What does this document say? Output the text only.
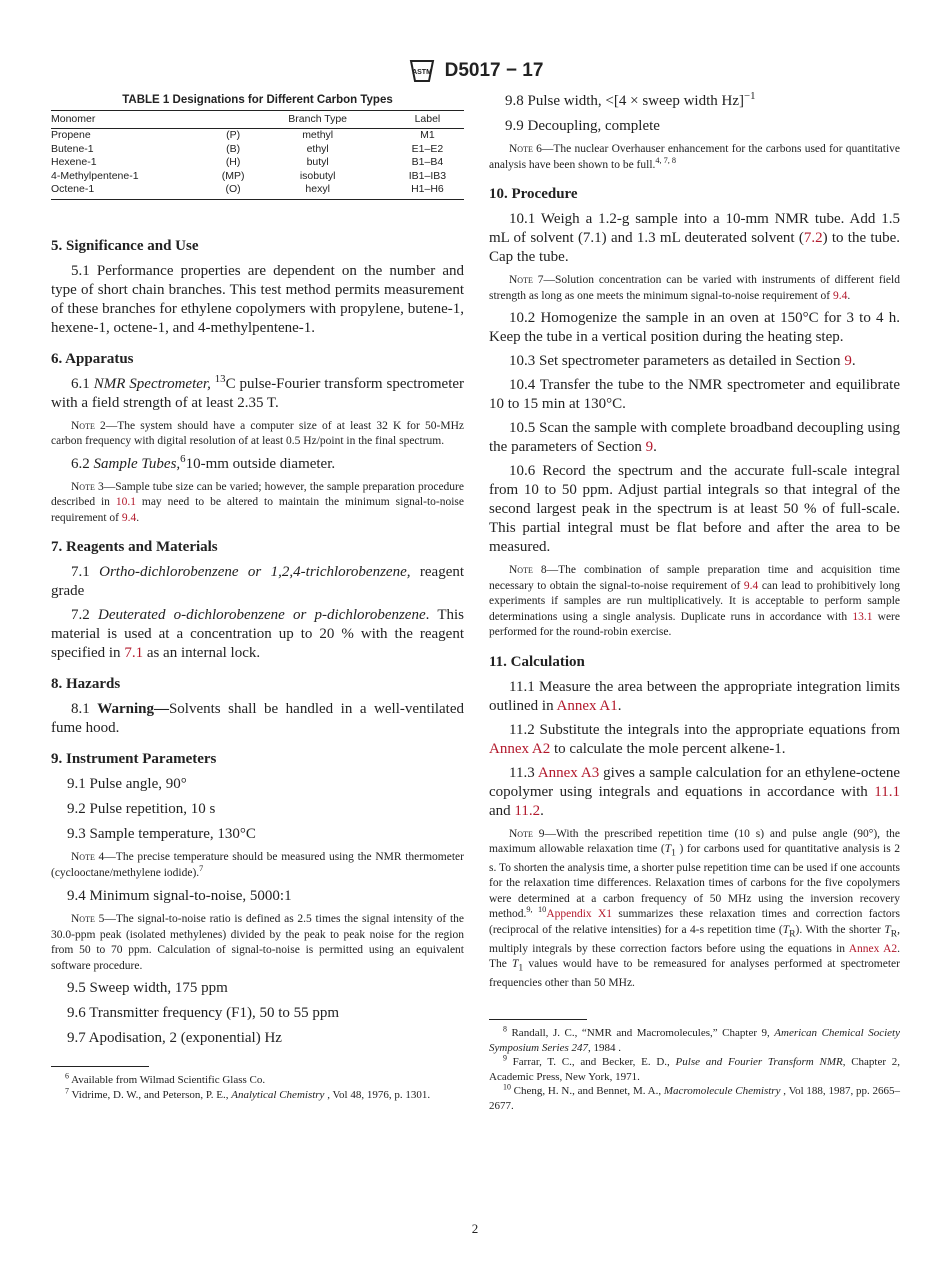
ASTM D5017 − 17
TABLE 1 Designations for Different Carbon Types
Monomer		Branch Type	Label
Propene	(P)	methyl	M1
Butene-1	(B)	ethyl	E1–E2
Hexene-1	(H)	butyl	B1–B4
4-Methylpentene-1	(MP)	isobutyl	IB1–IB3
Octene-1	(O)	hexyl	H1–H6

5. Significance and Use

5.1 Performance properties are dependent on the number and type of short chain branches. This test method permits measurement of these branches for ethylene copolymers with propylene, butene-1, hexene-1, octene-1, and 4-methylpentene-1.

6. Apparatus

6.1 NMR Spectrometer, $^{13}$C pulse-Fourier transform spectrometer with a field strength of at least 2.35 T.

Note 2—The system should have a computer size of at least 32 K for 50-MHz carbon frequency with digital resolution of at least 0.5 Hz/point in the final spectrum.

6.2 Sample Tubes,$^6$10-mm outside diameter.

Note 3—Sample tube size can be varied; however, the sample preparation procedure described in 10.1 may need to be altered to maintain the minimum signal-to-noise requirement of 9.4.

7. Reagents and Materials

7.1 Ortho-dichlorobenzene or 1,2,4-trichlorobenzene, reagent grade

7.2 Deuterated o-dichlorobenzene or p-dichlorobenzene. This material is used at a concentration up to 20 % with the reagent specified in 7.1 as an internal lock.

8. Hazards

8.1 Warning—Solvents shall be handled in a well-ventilated fume hood.

9. Instrument Parameters

9.1 Pulse angle, 90°

9.2 Pulse repetition, 10 s

9.3 Sample temperature, 130°C

Note 4—The precise temperature should be measured using the NMR thermometer (cyclooctane/methylene iodide).$^7$

9.4 Minimum signal-to-noise, 5000:1

Note 5—The signal-to-noise ratio is defined as 2.5 times the signal intensity of the 30.0-ppm peak (isolated methylenes) divided by the peak to peak noise for the region from 50 to 70 ppm. Calculation of signal-to-noise is permitted using an equivalent software procedure.

9.5 Sweep width, 175 ppm

9.6 Transmitter frequency (F1), 50 to 55 ppm

9.7 Apodisation, 2 (exponential) Hz

$^6$ Available from Wilmad Scientific Glass Co.

$^7$ Vidrime, D. W., and Peterson, P. E., Analytical Chemistry , Vol 48, 1976, p. 1301.

9.8 Pulse width, <[4 × sweep width Hz]$^{-1}$

9.9 Decoupling, complete

Note 6—The nuclear Overhauser enhancement for the carbons used for quantitative analysis have been shown to be full.$^{4, 7, 8}$

10. Procedure

10.1 Weigh a 1.2-g sample into a 10-mm NMR tube. Add 1.5 mL of solvent (7.1) and 1.3 mL deuterated solvent (7.2) to the tube. Cap the tube.

Note 7—Solution concentration can be varied with instruments of different field strength as long as one meets the minimum signal-to-noise requirement of 9.4.

10.2 Homogenize the sample in an oven at 150°C for 3 to 4 h. Keep the tube in a vertical position during the heating step.

10.3 Set spectrometer parameters as detailed in Section 9.

10.4 Transfer the tube to the NMR spectrometer and equilibrate 10 to 15 min at 130°C.

10.5 Scan the sample with complete broadband decoupling using the parameters of Section 9.

10.6 Record the spectrum and the accurate full-scale integral from 10 to 50 ppm. Adjust partial integrals so that integral of the second largest peak in the spectrum is at least 50 % of full-scale. This partial integral must be flat before and after the area to be measured.

Note 8—The combination of sample preparation time and acquisition time necessary to obtain the signal-to-noise requirement of 9.4 can lead to prohibitively long experiments if samples are run multiplicatively. It is acceptable to perform sample determinations using a single analysis. Duplicate runs in accordance with 13.1 were performed for the round-robin exercise.

11. Calculation

11.1 Measure the area between the appropriate integration limits outlined in Annex A1.

11.2 Substitute the integrals into the appropriate equations from Annex A2 to calculate the mole percent alkene-1.

11.3 Annex A3 gives a sample calculation for an ethylene-octene copolymer using integrals and equations in accordance with 11.1 and 11.2.

Note 9—With the prescribed repetition time (10 s) and pulse angle (90°), the maximum allowable relaxation time ($T_1$ ) for carbons used for quantitative analysis is 2 s. To shorten the analysis time, a shorter pulse repetition time can be used if one accounts for the relaxation time differences. Relaxation times of carbons for the five copolymers were determined at a carbon frequency of 50 MHz using the inversion recovery method.$^{9, 10}$Appendix X1 summarizes these relaxation times and correction factors (reciprocal of the relative intensities) for a 4-s repetition time $(T_R)$. With the shorter $T_R$, multiply integrals by these correction factors before using the equations in Annex A2. The $T_1$ values would have to be remeasured for analyses performed at spectrometer frequencies other than 50 MHz.

$^8$ Randall, J. C., “NMR and Macromolecules,” Chapter 9, American Chemical Society Symposium Series 247, 1984 .

$^9$ Farrar, T. C., and Becker, E. D., Pulse and Fourier Transform NMR, Chapter 2, Academic Press, New York, 1971.

$^{10}$ Cheng, H. N., and Bennet, M. A., Macromolecule Chemistry , Vol 188, 1987, pp. 2665–2677.

2
